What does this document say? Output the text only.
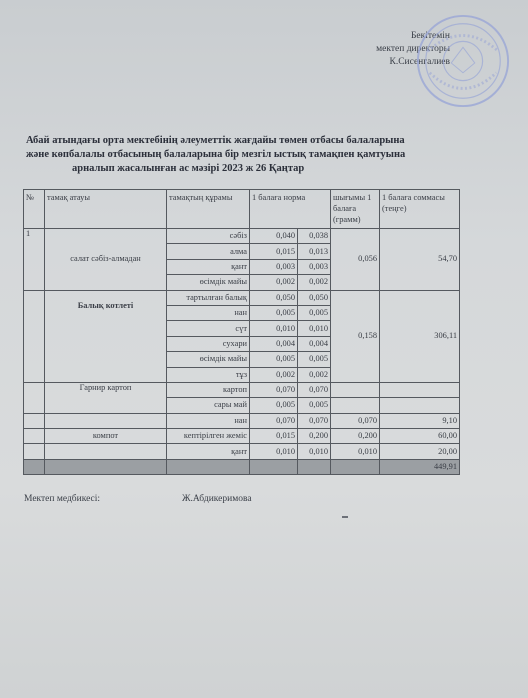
Бекітемін
мектеп директоры
К.Сисенгалиев
Абай атындағы орта мектебінің әлеуметтік жағдайы төмен отбасы балаларына
және көпбалалы отбасының балаларына бір мезгіл ыстық тамақпен қамтуына
арналып жасалынған ас мәзірі 2023 ж 26 Қаңтар
№	тамақ атауы	тамақтың құрамы	1 балаға норма		шығымы 1 балаға (грамм)	1 балаға соммасы (теңге)
1	салат сәбіз-алмадан	сәбіз	0,040	0,038	0,056	54,70
		алма	0,015	0,013		
		қант	0,003	0,003		
		өсімдік майы	0,002	0,002		
	Балық котлеті	тартылған балық	0,050	0,050	0,158	306,11
		нан	0,005	0,005		
		сүт	0,010	0,010		
		сухари	0,004	0,004		
		өсімдік майы	0,005	0,005		
		тұз	0,002	0,002		
	Гарнир картоп	картоп	0,070	0,070		
		сары май	0,005	0,005		
		нан	0,070	0,070	0,070	9,10
	компот	кептірілген жеміс	0,015	0,200	0,200	60,00
		қант	0,010	0,010	0,010	20,00
						449,91
Мектеп медбикесі:	Ж.Абдикеримова
